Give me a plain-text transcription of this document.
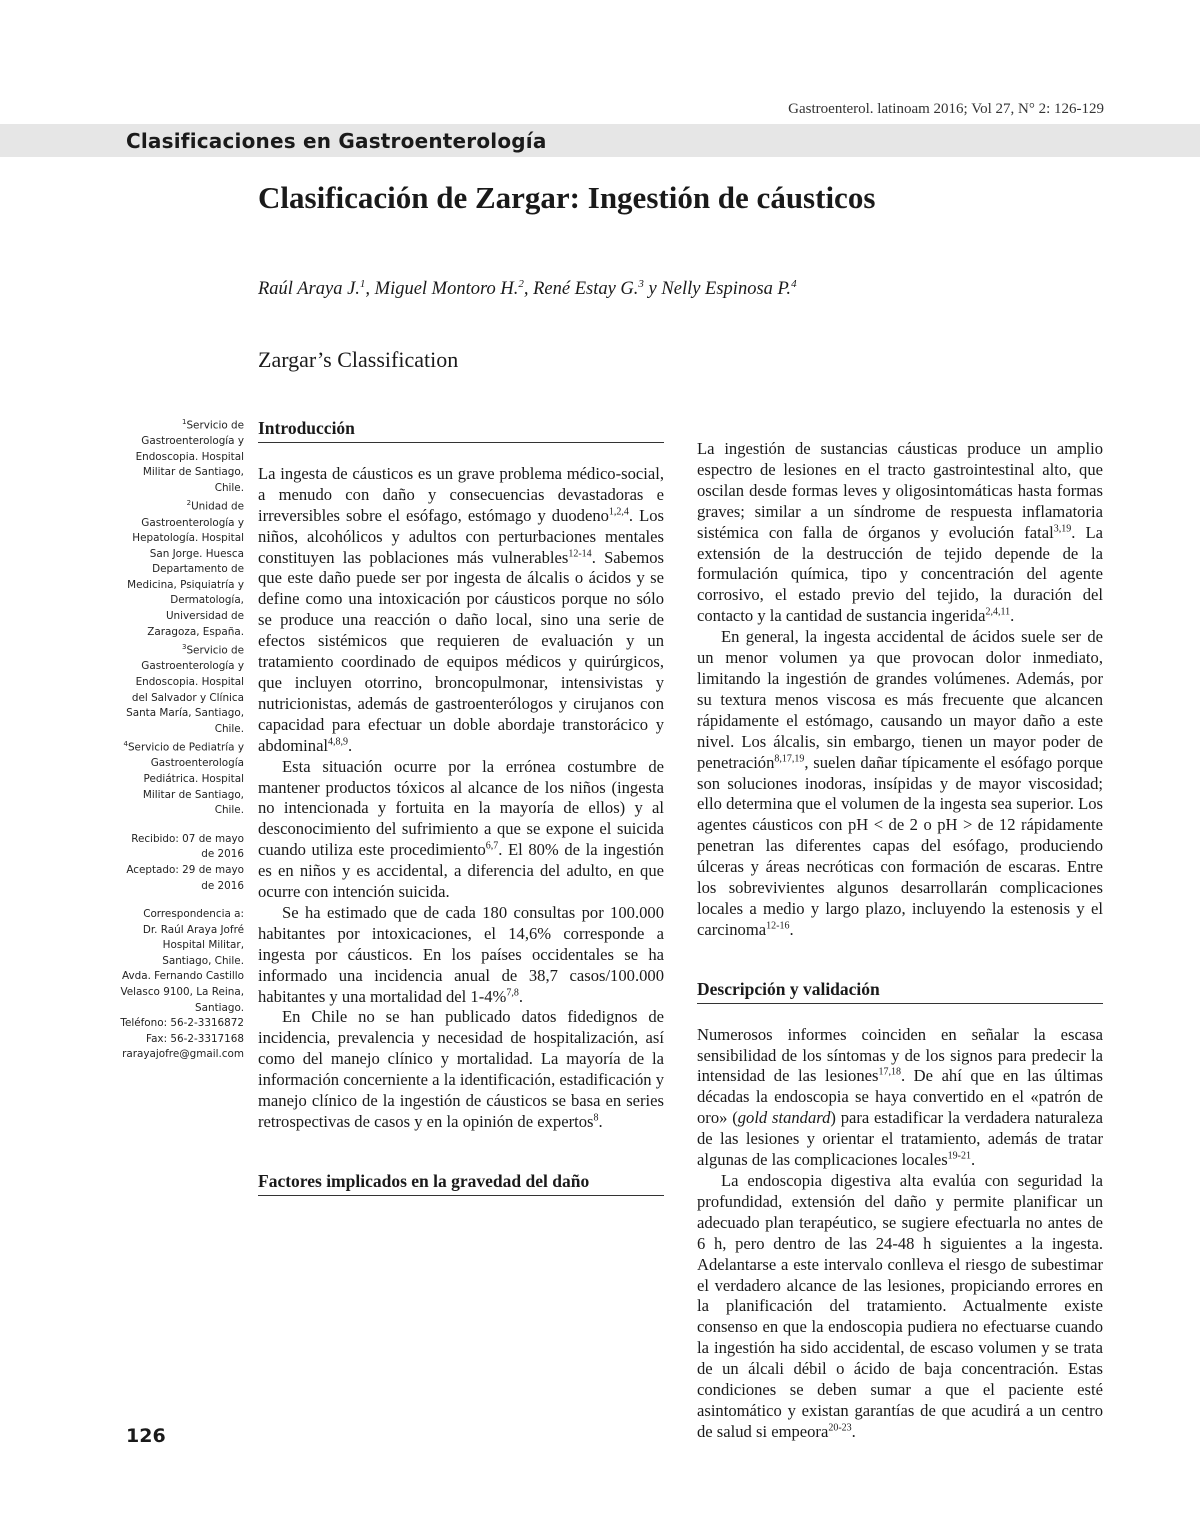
Gastroenterol. latinoam 2016; Vol 27, N° 2: 126-129
Clasificaciones en Gastroenterología
Clasificación de Zargar: Ingestión de cáusticos
Raúl Araya J.$^1$, Miguel Montoro H.$^2$, René Estay G.$^3$ y Nelly Espinosa P.$^4$
Zargar’s Classification

$^1$Servicio de Gastroenterología y Endoscopia. Hospital Militar de Santiago, Chile.

$^2$Unidad de Gastroenterología y Hepatología. Hospital San Jorge. Huesca Departamento de Medicina, Psiquiatría y Dermatología, Universidad de Zaragoza, España.

$^3$Servicio de Gastroenterología y Endoscopia. Hospital del Salvador y Clínica Santa María, Santiago, Chile.

$^4$Servicio de Pediatría y Gastroenterología Pediátrica. Hospital Militar de Santiago, Chile.

Recibido: 07 de mayo de 2016

Aceptado: 29 de mayo de 2016

Correspondencia a:

Dr. Raúl Araya Jofré

Hospital Militar, Santiago, Chile.

Avda. Fernando Castillo Velasco 9100, La Reina, Santiago.

Teléfono: 56-2-3316872

Fax: 56-2-3317168

rarayajofre@gmail.com

Introducción

La ingesta de cáusticos es un grave problema médico-social, a menudo con daño y consecuencias devastadoras e irreversibles sobre el esófago, estómago y duodeno$^{1,2,4}$. Los niños, alcohólicos y adultos con perturbaciones mentales constituyen las poblaciones más vulnerables$^{12-14}$. Sabemos que este daño puede ser por ingesta de álcalis o ácidos y se define como una intoxicación por cáusticos porque no sólo se produce una reacción o daño local, sino una serie de efectos sistémicos que requieren de evaluación y un tratamiento coordinado de equipos médicos y quirúrgicos, que incluyen otorrino, broncopulmonar, intensivistas y nutricionistas, además de gastroenterólogos y cirujanos con capacidad para efectuar un doble abordaje transtorácico y abdominal$^{4,8,9}$.

Esta situación ocurre por la errónea costumbre de mantener productos tóxicos al alcance de los niños (ingesta no intencionada y fortuita en la mayoría de ellos) y al desconocimiento del sufrimiento a que se expone el suicida cuando utiliza este procedimiento$^{6,7}$. El 80% de la ingestión es en niños y es accidental, a diferencia del adulto, en que ocurre con intención suicida.

Se ha estimado que de cada 180 consultas por 100.000 habitantes por intoxicaciones, el 14,6% corresponde a ingesta por cáusticos. En los países occidentales se ha informado una incidencia anual de 38,7 casos/100.000 habitantes y una mortalidad del 1-4%$^{7,8}$.

En Chile no se han publicado datos fidedignos de incidencia, prevalencia y necesidad de hospitalización, así como del manejo clínico y mortalidad. La mayoría de la información concerniente a la identificación, estadificación y manejo clínico de la ingestión de cáusticos se basa en series retrospectivas de casos y en la opinión de expertos$^8$.

Factores implicados en la gravedad del daño

La ingestión de sustancias cáusticas produce un amplio espectro de lesiones en el tracto gastrointestinal alto, que oscilan desde formas leves y oligosintomáticas hasta formas graves; similar a un síndrome de respuesta inflamatoria sistémica con falla de órganos y evolución fatal$^{3,19}$. La extensión de la destrucción de tejido depende de la formulación química, tipo y concentración del agente corrosivo, el estado previo del tejido, la duración del contacto y la cantidad de sustancia ingerida$^{2,4,11}$.

En general, la ingesta accidental de ácidos suele ser de un menor volumen ya que provocan dolor inmediato, limitando la ingestión de grandes volúmenes. Además, por su textura menos viscosa es más frecuente que alcancen rápidamente el estómago, causando un mayor daño a este nivel. Los álcalis, sin embargo, tienen un mayor poder de penetración$^{8,17,19}$, suelen dañar típicamente el esófago porque son soluciones inodoras, insípidas y de mayor viscosidad; ello determina que el volumen de la ingesta sea superior. Los agentes cáusticos con pH < de 2 o pH > de 12 rápidamente penetran las diferentes capas del esófago, produciendo úlceras y áreas necróticas con formación de escaras. Entre los sobrevivientes algunos desarrollarán complicaciones locales a medio y largo plazo, incluyendo la estenosis y el carcinoma$^{12-16}$.

Descripción y validación

Numerosos informes coinciden en señalar la escasa sensibilidad de los síntomas y de los signos para predecir la intensidad de las lesiones$^{17,18}$. De ahí que en las últimas décadas la endoscopia se haya convertido en el «patrón de oro» (gold standard) para estadificar la verdadera naturaleza de las lesiones y orientar el tratamiento, además de tratar algunas de las complicaciones locales$^{19-21}$.

La endoscopia digestiva alta evalúa con seguridad la profundidad, extensión del daño y permite planificar un adecuado plan terapéutico, se sugiere efectuarla no antes de 6 h, pero dentro de las 24-48 h siguientes a la ingesta. Adelantarse a este intervalo conlleva el riesgo de subestimar el verdadero alcance de las lesiones, propiciando errores en la planificación del tratamiento. Actualmente existe consenso en que la endoscopia pudiera no efectuarse cuando la ingestión ha sido accidental, de escaso volumen y se trata de un álcali débil o ácido de baja concentración. Estas condiciones se deben sumar a que el paciente esté asintomático y existan garantías de que acudirá a un centro de salud si empeora$^{20-23}$.

126
